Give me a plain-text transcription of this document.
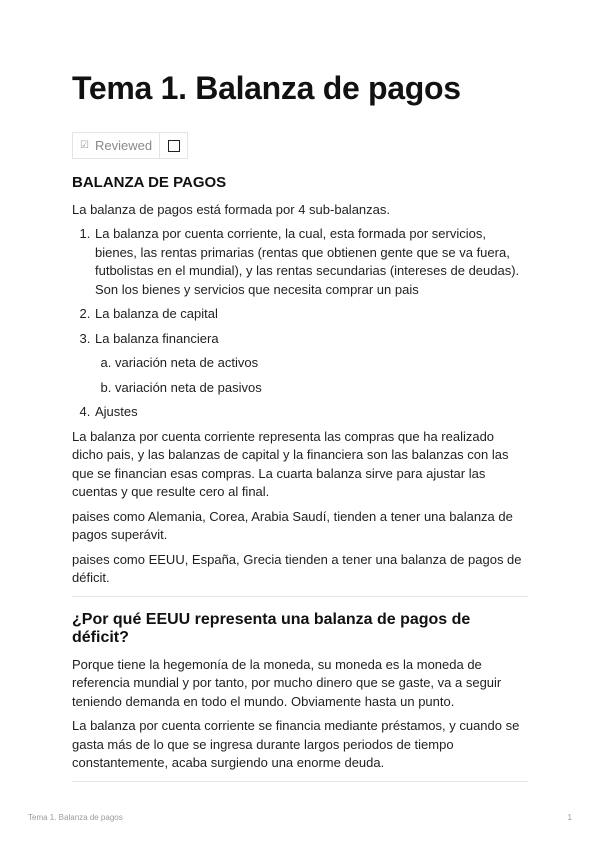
Tema 1. Balanza de pagos
☑ Reviewed
BALANZA DE PAGOS

La balanza de pagos está formada por 4 sub-balanzas.

1. La balanza por cuenta corriente, la cual, esta formada por servicios, bienes, las rentas primarias (rentas que obtienen gente que se va fuera, futbolistas en el mundial), y las rentas secundarias (intereses de deudas). Son los bienes y servicios que necesita comprar un pais
2. La balanza de capital
3. La balanza financiera
a. variación neta de activos
b. variación neta de pasivos
4. Ajustes

La balanza por cuenta corriente representa las compras que ha realizado dicho pais, y las balanzas de capital y la financiera son las balanzas con las que se financian esas compras. La cuarta balanza sirve para ajustar las cuentas y que resulte cero al final.

paises como Alemania, Corea, Arabia Saudí, tienden a tener una balanza de pagos superávit.

paises como EEUU, España, Grecia tienden a tener una balanza de pagos de déficit.

¿Por qué EEUU representa una balanza de pagos de déficit?

Porque tiene la hegemonía de la moneda, su moneda es la moneda de referencia mundial y por tanto, por mucho dinero que se gaste, va a seguir teniendo demanda en todo el mundo. Obviamente hasta un punto.

La balanza por cuenta corriente se financia mediante préstamos, y cuando se gasta más de lo que se ingresa durante largos periodos de tiempo constantemente, acaba surgiendo una enorme deuda.

Tema 1. Balanza de pagos	1
